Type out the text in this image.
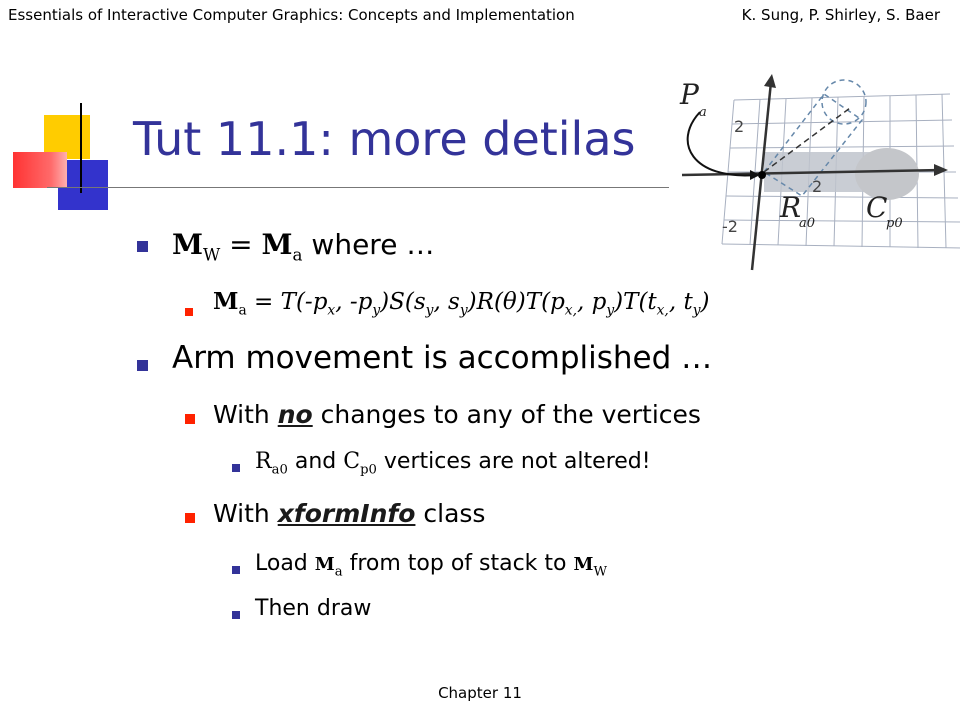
Essentials of Interactive Computer Graphics: Concepts and Implementation	K. Sung, P. Shirley, S. Baer
Chapter 11
Tut 11.1: more detilas
P
a
R
a0 C
p0
2
2
-2
$M_W = M_a$ where …
$M_a = T(-p_x$, $-p_y)S(s_y$, $s_y)R(\theta)T(p_{x,}$, $p_y)T(t_{x,}$, $t_y$)
Arm movement is accomplished …
With no changes to any of the vertices
$R_{a0}$ and $C_{p0}$ vertices are not altered!
With xformInfo class
Load $M_a$ from top of stack to $M_W$
Then draw
